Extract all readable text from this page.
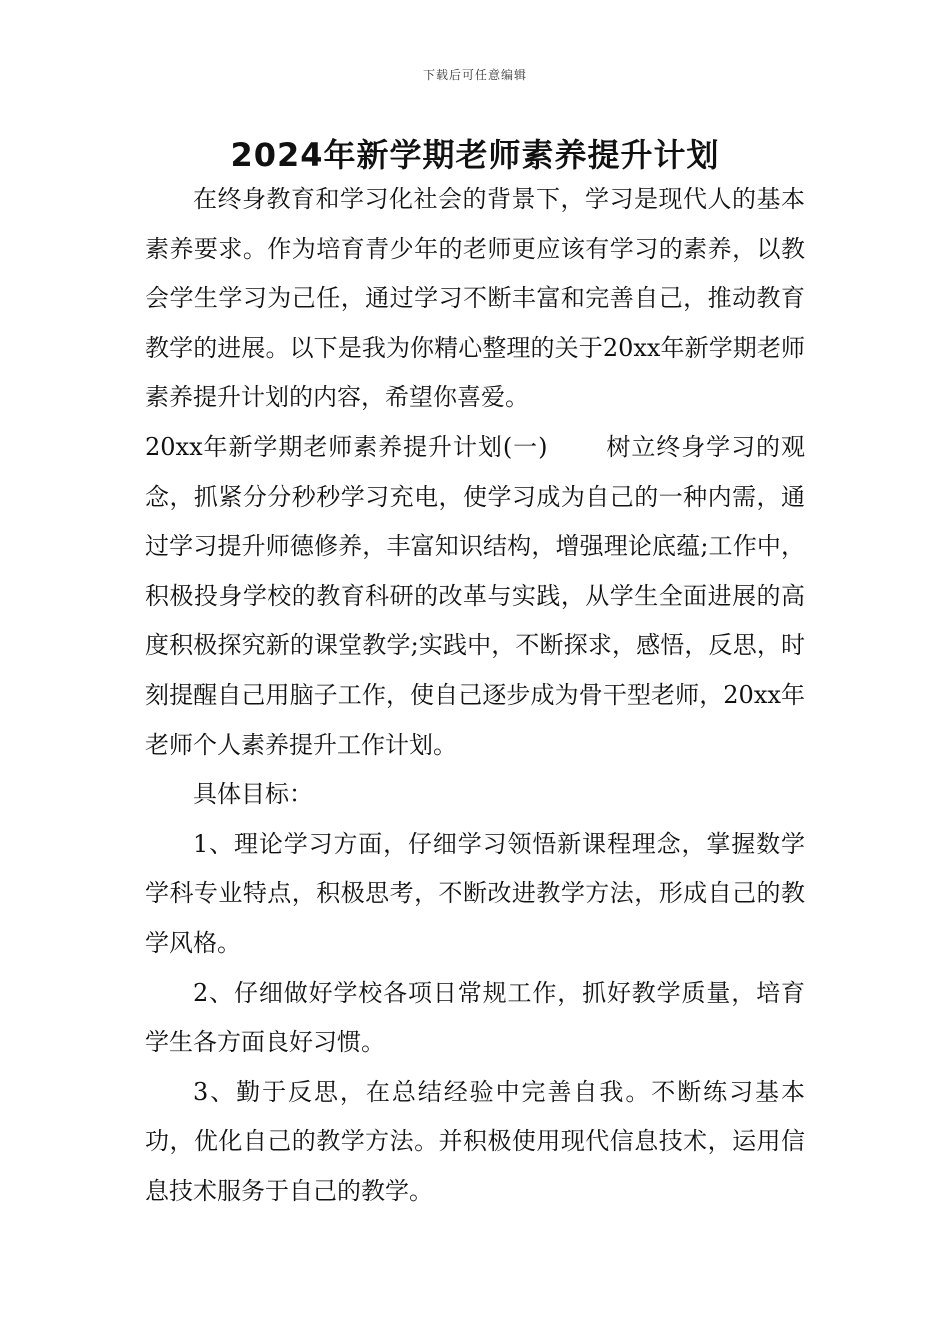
下载后可任意编辑
2024年新学期老师素养提升计划

在终身教育和学习化社会的背景下，学习是现代人的基本素养要求。作为培育青少年的老师更应该有学习的素养，以教会学生学习为己任，通过学习不断丰富和完善自己，推动教育教学的进展。以下是我为你精心整理的关于20xx年新学期老师素养提升计划的内容，希望你喜爱。

20xx年新学期老师素养提升计划(一) 树立终身学习的观念，抓紧分分秒秒学习充电，使学习成为自己的一种内需，通过学习提升师德修养，丰富知识结构，增强理论底蕴;工作中，积极投身学校的教育科研的改革与实践，从学生全面进展的高度积极探究新的课堂教学;实践中，不断探求，感悟，反思，时刻提醒自己用脑子工作，使自己逐步成为骨干型老师，20xx年老师个人素养提升工作计划。

具体目标：

1、理论学习方面，仔细学习领悟新课程理念，掌握数学学科专业特点，积极思考，不断改进教学方法，形成自己的教学风格。

2、仔细做好学校各项日常规工作，抓好教学质量，培育学生各方面良好习惯。

3、勤于反思，在总结经验中完善自我。不断练习基本功，优化自己的教学方法。并积极使用现代信息技术，运用信息技术服务于自己的教学。
